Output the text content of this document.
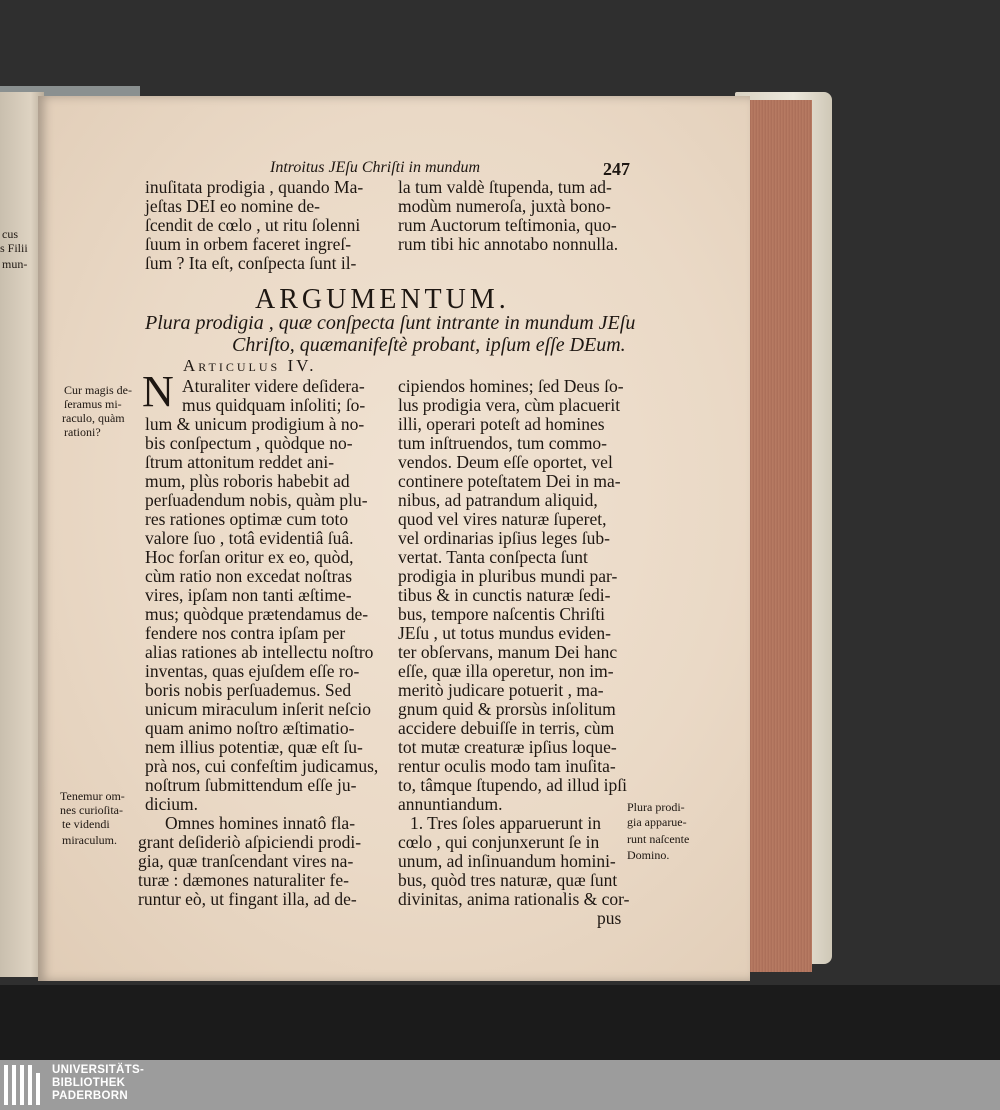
cus
s Filii
mun-
Introitus JEſu Chriſti in mundum	247
inuſitata prodigia , quando Ma-
jeſtas DEI eo nomine de-
ſcendit de cœlo , ut ritu ſolenni
ſuum in orbem faceret ingreſ-
ſum ? Ita eſt, conſpecta ſunt il-
la tum valdè ſtupenda, tum ad-
modùm numeroſa, juxtà bono-
rum Auctorum teſtimonia, quo-
rum tibi hic annotabo nonnulla.
ARGUMENTUM.
Plura prodigia , quæ conſpecta ſunt intrante in mundum JEſu
Chriſto, quæmanifeſtè probant, ipſum eſſe DEum.
Articulus IV.
Cur magis de-
ſeramus mi-
raculo, quàm
rationi?
Tenemur om-
nes curioſita-
te videndi
miraculum.
Plura prodi-
gia apparue-
runt naſcente
Domino.
N Aturaliter videre deſidera-
mus quidquam inſoliti; ſo-
lum & unicum prodigium à no-
bis conſpectum , quòdque no-
ſtrum attonitum reddet ani-
mum, plùs roboris habebit ad
perſuadendum nobis, quàm plu-
res rationes optimæ cum toto
valore ſuo , totâ evidentiâ ſuâ.
Hoc forſan oritur ex eo, quòd,
cùm ratio non excedat noſtras
vires, ipſam non tanti æſtime-
mus; quòdque prætendamus de-
fendere nos contra ipſam per
alias rationes ab intellectu noſtro
inventas, quas ejuſdem eſſe ro-
boris nobis perſuademus. Sed
unicum miraculum inſerit neſcio
quam animo noſtro æſtimatio-
nem illius potentiæ, quæ eſt ſu-
prà nos, cui confeſtim judicamus,
noſtrum ſubmittendum eſſe ju-
dicium.
Omnes homines innatô fla-
grant deſideriò aſpiciendi prodi-
gia, quæ tranſcendant vires na-
turæ : dæmones naturaliter fe-
runtur eò, ut fingant illa, ad de-
cipiendos homines; ſed Deus ſo-
lus prodigia vera, cùm placuerit
illi, operari poteſt ad homines
tum inſtruendos, tum commo-
vendos. Deum eſſe oportet, vel
continere poteſtatem Dei in ma-
nibus, ad patrandum aliquid,
quod vel vires naturæ ſuperet,
vel ordinarias ipſius leges ſub-
vertat. Tanta conſpecta ſunt
prodigia in pluribus mundi par-
tibus & in cunctis naturæ ſedi-
bus, tempore naſcentis Chriſti
JEſu , ut totus mundus eviden-
ter obſervans, manum Dei hanc
eſſe, quæ illa operetur, non im-
meritò judicare potuerit , ma-
gnum quid & prorsùs inſolitum
accidere debuiſſe in terris, cùm
tot mutæ creaturæ ipſius loque-
rentur oculis modo tam inuſita-
to, tâmque ſtupendo, ad illud ipſi
annuntiandum.
1. Tres ſoles apparuerunt in
cœlo , qui conjunxerunt ſe in
unum, ad inſinuandum homini-
bus, quòd tres naturæ, quæ ſunt
divinitas, anima rationalis & cor-
pus
UNIVERSITÄTS-
BIBLIOTHEK
PADERBORN
